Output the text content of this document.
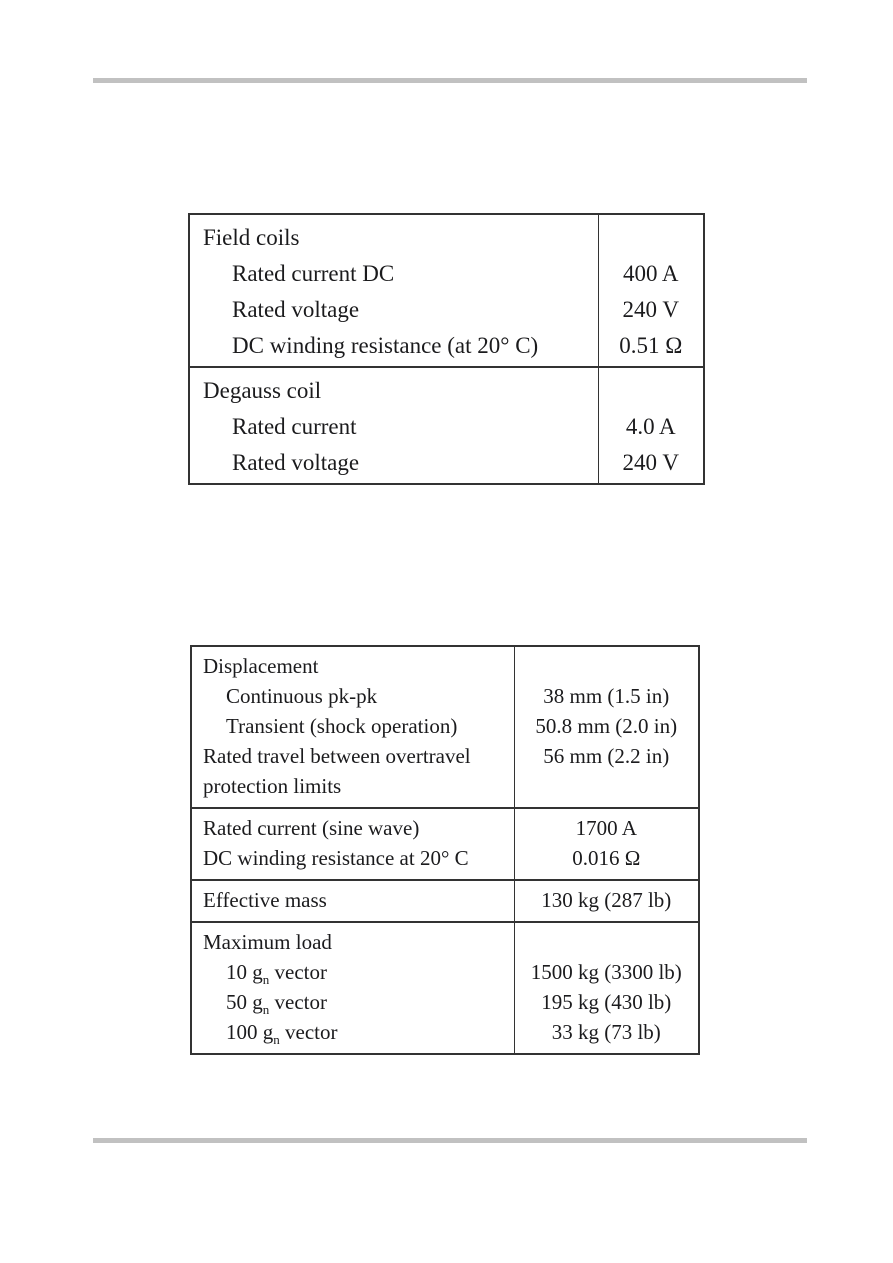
Field coils	
Rated current DC	400 A
Rated voltage	240 V
DC winding resistance (at 20° C)	0.51 Ω
Degauss coil	
Rated current	4.0 A
Rated voltage	240 V
Displacement	
Continuous pk-pk	38 mm (1.5 in)
Transient (shock operation)	50.8 mm (2.0 in)
Rated travel between overtravel protection limits	56 mm (2.2 in)
Rated current (sine wave)	1700 A
DC winding resistance at 20° C	0.016 Ω
Effective mass	130 kg (287 lb)
Maximum load	
10 $g_n$ vector	1500 kg (3300 lb)
50 $g_n$ vector	195 kg (430 lb)
100 $g_n$ vector	33 kg (73 lb)
